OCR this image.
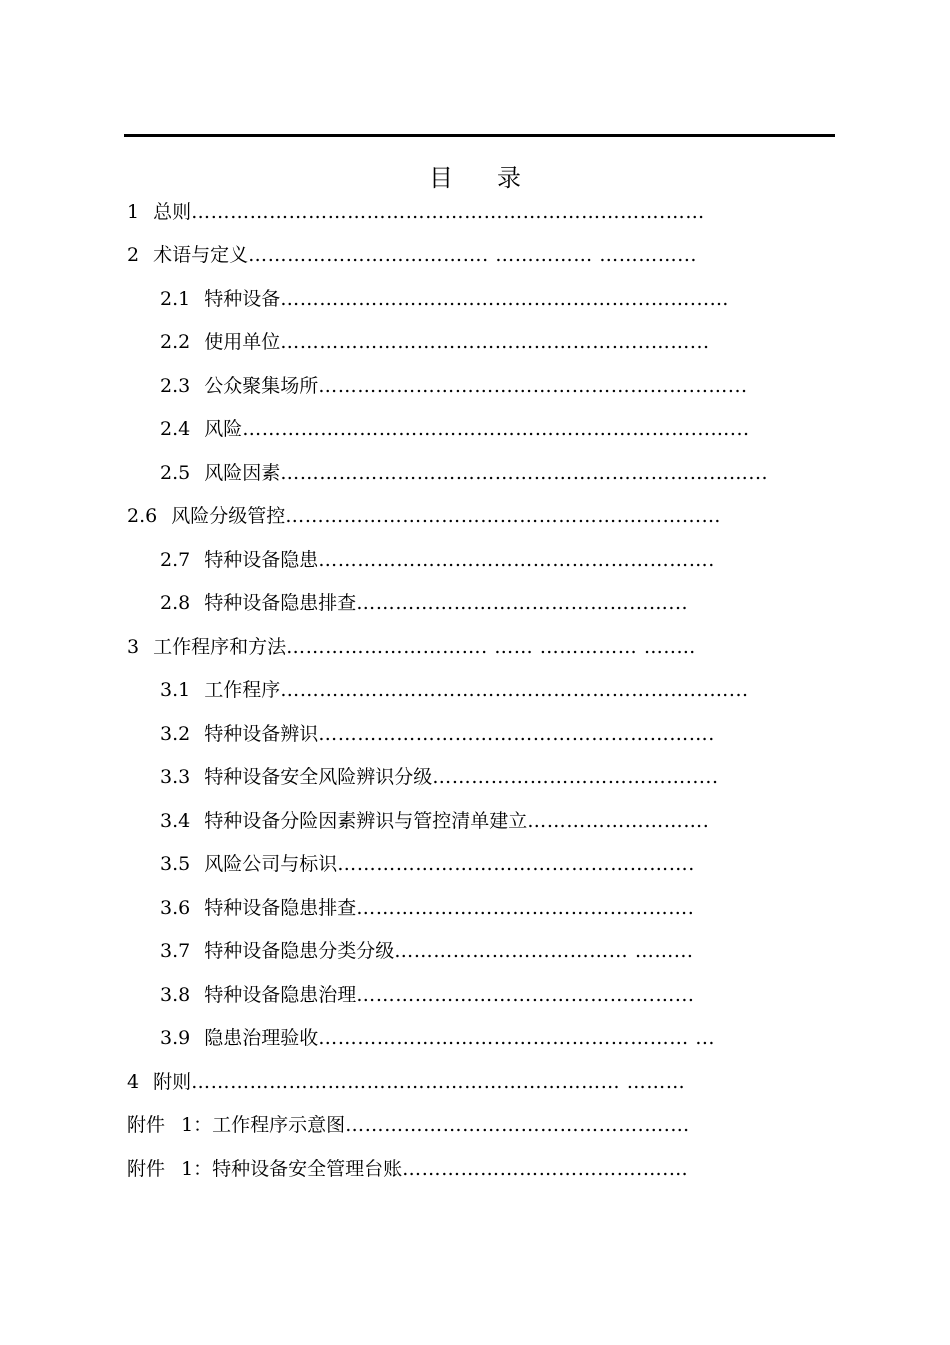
目 录
1 总则……………………………………………………………….……
2 术语与定义………………………………. …………… …………...
2.1 特种设备………………………………………………...……...…
2.2 使用单位………………………………………………...……...
2.3 公众聚集场所…………………………………………………...…...
2.4 风险……………………………………………………………...…...
2.5 风险因素…………………………………………………………...…...
2.6 风险分级管控…………………………………………….…...…...…
2.7 特种设备隐患…………………………………………………….
2.8 特种设备隐患排查……………………………………...…...
3 工作程序和方法…………………………. …… …………… …..…
3.1 工作程序………………………………………………………...…...
3.2 特种设备辨识…………………………………………………….
3.3 特种设备安全风险辨识分级………………………………….....
3.4 特种设备分险因素辨识与管控清单建立……………………….
3.5 风险公司与标识……………………………………………….
3.6 特种设备隐患排查…………………………………………….
3.7 特种设备隐患分类分级……………………………… ……...
3.8 特种设备隐患治理……………………………………….…...
3.9 隐患治理验收………………………………………………… ...
4 附则………………………………………………………… ………
附件 1：工作程序示意图……………………………………….….…
附件 1：特种设备安全管理台账……………………………….….…
